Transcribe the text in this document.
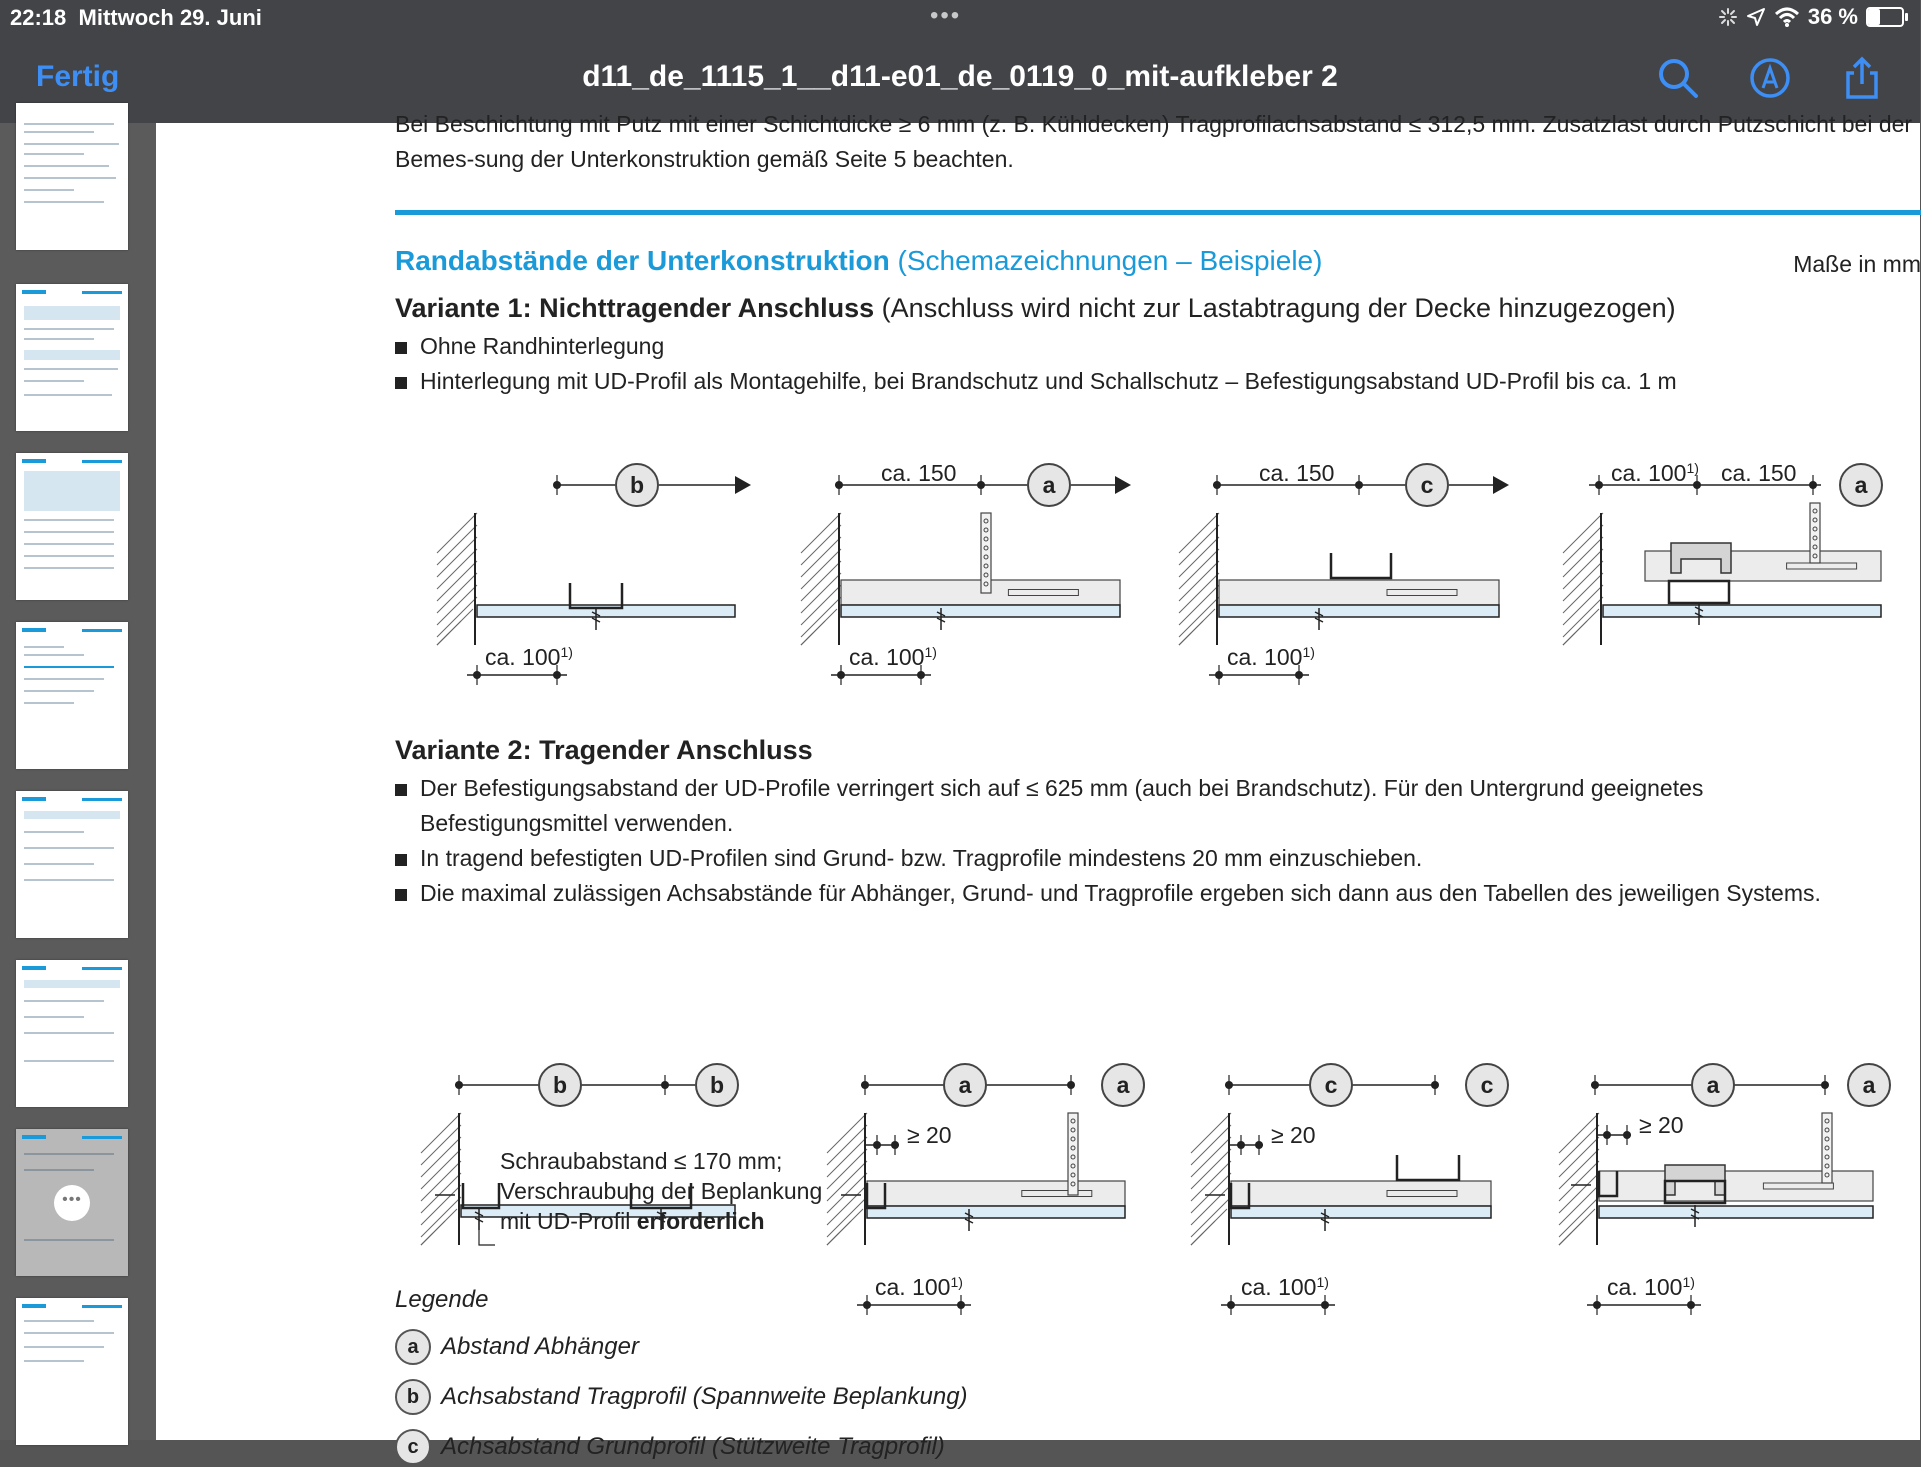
22:18 Mittwoch 29. Juni	•••	36 %
Fertig	d11_de_1115_1__d11-e01_de_0119_0_mit-aufkleber 2
•••
Bei Beschichtung mit Putz mit einer Schichtdicke ≥ 6 mm (z. B. Kühldecken) Tragprofilachsabstand ≤ 312,5 mm. Zusatzlast durch Putzschicht bei der Bemes-sung der Unterkonstruktion gemäß Seite 5 beachten.
Randabstände der Unterkonstruktion (Schemazeichnungen – Beispiele)	Maße in mm
Variante 1: Nichttragender Anschluss (Anschluss wird nicht zur Lastabtragung der Decke hinzugezogen)
Ohne Randhinterlegung
Hinterlegung mit UD-Profil als Montagehilfe, bei Brandschutz und Schallschutz – Befestigungsabstand UD-Profil bis ca. 1 m
b
ca. 100$^{1)}$
ca. 150	a
ca. 100$^{1)}$
ca. 150	c
ca. 100$^{1)}$
ca. 100$^{1)}$ ca. 150	a
Variante 2: Tragender Anschluss
Der Befestigungsabstand der UD-Profile verringert sich auf ≤ 625 mm (auch bei Brandschutz). Für den Untergrund geeignetes
Befestigungsmittel verwenden.
In tragend befestigten UD-Profilen sind Grund- bzw. Tragprofile mindestens 20 mm einzuschieben.
Die maximal zulässigen Achsabstände für Abhänger, Grund- und Tragprofile ergeben sich dann aus den Tabellen des jeweiligen Systems.
b	b	a	a
≥ 20
ca. 100$^{1)}$
c	c
≥ 20
ca. 100$^{1)}$
a	a
≥ 20
ca. 100$^{1)}$
Schraubabstand ≤ 170 mm;
Verschraubung der Beplankung
mit UD-Profil erforderlich
Legende
a Abstand Abhänger
b Achsabstand Tragprofil (Spannweite Beplankung)
c Achsabstand Grundprofil (Stützweite Tragprofil)
